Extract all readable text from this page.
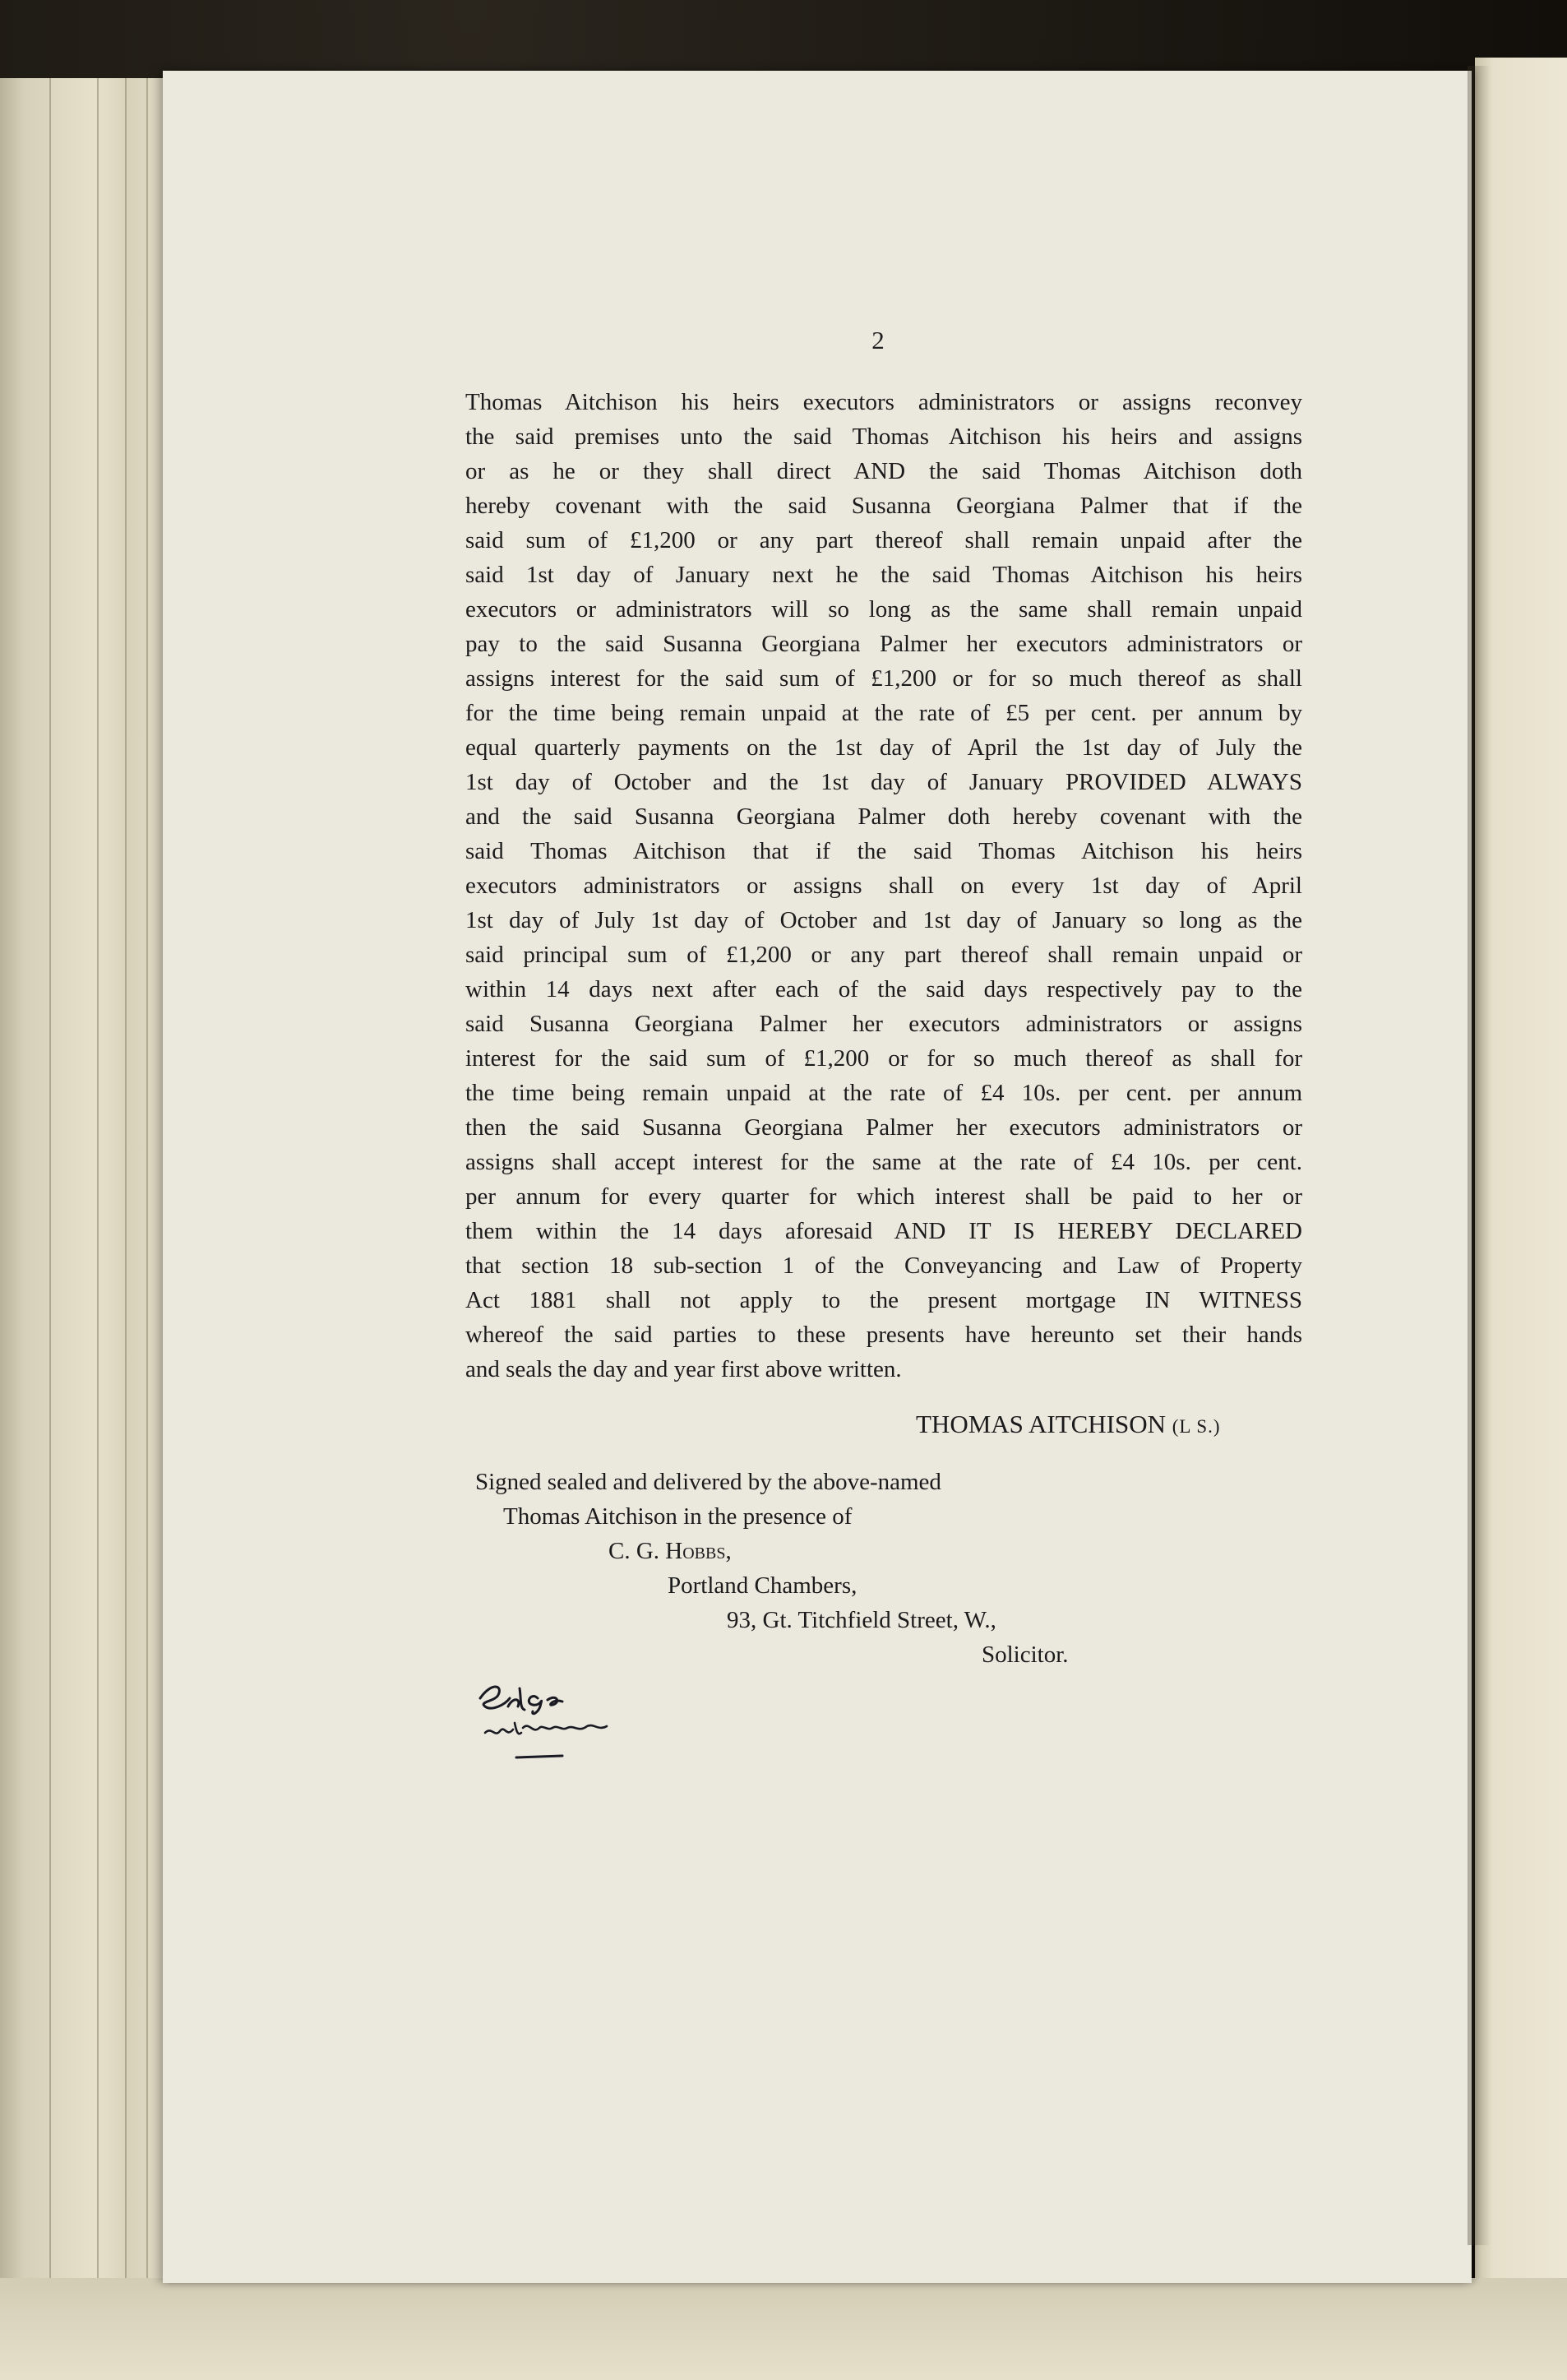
2
Thomas Aitchison his heirs executors administrators or assigns reconvey
the said premises unto the said Thomas Aitchison his heirs and assigns
or as he or they shall direct AND the said Thomas Aitchison doth
hereby covenant with the said Susanna Georgiana Palmer that if the
said sum of £1,200 or any part thereof shall remain unpaid after the
said 1st day of January next he the said Thomas Aitchison his heirs
executors or administrators will so long as the same shall remain unpaid
pay to the said Susanna Georgiana Palmer her executors administrators or
assigns interest for the said sum of £1,200 or for so much thereof as shall
for the time being remain unpaid at the rate of £5 per cent. per annum by
equal quarterly payments on the 1st day of April the 1st day of July the
1st day of October and the 1st day of January PROVIDED ALWAYS
and the said Susanna Georgiana Palmer doth hereby covenant with the
said Thomas Aitchison that if the said Thomas Aitchison his heirs
executors administrators or assigns shall on every 1st day of April
1st day of July 1st day of October and 1st day of January so long as the
said principal sum of £1,200 or any part thereof shall remain unpaid or
within 14 days next after each of the said days respectively pay to the
said Susanna Georgiana Palmer her executors administrators or assigns
interest for the said sum of £1,200 or for so much thereof as shall for
the time being remain unpaid at the rate of £4 10s. per cent. per annum
then the said Susanna Georgiana Palmer her executors administrators or
assigns shall accept interest for the same at the rate of £4 10s. per cent.
per annum for every quarter for which interest shall be paid to her or
them within the 14 days aforesaid AND IT IS HEREBY DECLARED
that section 18 sub-section 1 of the Conveyancing and Law of Property
Act 1881 shall not apply to the present mortgage IN WITNESS
whereof the said parties to these presents have hereunto set their hands
and seals the day and year first above written.
THOMAS AITCHISON (L S.)
Signed sealed and delivered by the above-named
Thomas Aitchison in the presence of
C. G. Hobbs,
Portland Chambers,
93, Gt. Titchfield Street, W.,
Solicitor.
